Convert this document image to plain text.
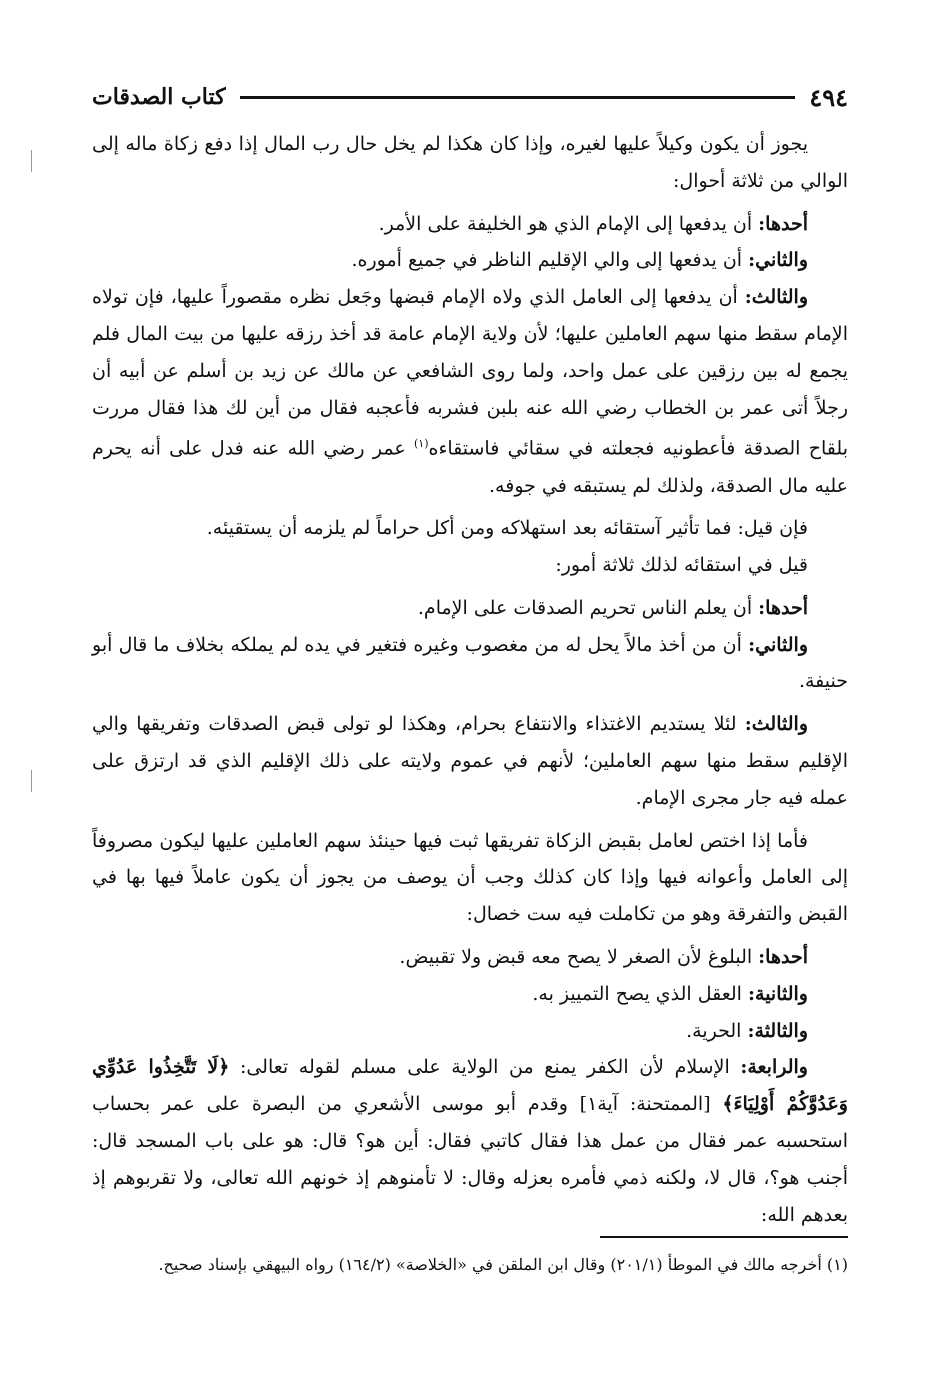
٤٩٤
كتاب الصدقات

يجوز أن يكون وكيلاً عليها لغيره، وإذا كان هكذا لم يخل حال رب المال إذا دفع زكاة ماله إلى الوالي من ثلاثة أحوال:

أحدها: أن يدفعها إلى الإمام الذي هو الخليفة على الأمر.

والثاني: أن يدفعها إلى والي الإقليم الناظر في جميع أموره.

والثالث: أن يدفعها إلى العامل الذي ولاه الإمام قبضها وجَعل نظره مقصوراً عليها، فإن تولاه الإمام سقط منها سهم العاملين عليها؛ لأن ولاية الإمام عامة قد أخذ رزقه عليها من بيت المال فلم يجمع له بين رزقين على عمل واحد، ولما روى الشافعي عن مالك عن زيد بن أسلم عن أبيه أن رجلاً أتى عمر بن الخطاب رضي الله عنه بلبن فشربه فأعجبه فقال من أين لك هذا فقال مررت بلقاح الصدقة فأعطونيه فجعلته في سقائي فاستقاءه$^{(١)}$ عمر رضي الله عنه فدل على أنه يحرم عليه مال الصدقة، ولذلك لم يستبقه في جوفه.

فإن قيل: فما تأثير آستقائه بعد استهلاكه ومن أكل حراماً لم يلزمه أن يستقيئه.

قيل في استقائه لذلك ثلاثة أمور:

أحدها: أن يعلم الناس تحريم الصدقات على الإمام.

والثاني: أن من أخذ مالاً يحل له من مغصوب وغيره فتغير في يده لم يملكه بخلاف ما قال أبو حنيفة.

والثالث: لئلا يستديم الاغتذاء والانتفاع بحرام، وهكذا لو تولى قبض الصدقات وتفريقها والي الإقليم سقط منها سهم العاملين؛ لأنهم في عموم ولايته على ذلك الإقليم الذي قد ارتزق على عمله فيه جار مجرى الإمام.

فأما إذا اختص لعامل بقبض الزكاة تفريقها ثبت فيها حينئذ سهم العاملين عليها ليكون مصروفاً إلى العامل وأعوانه فيها وإذا كان كذلك وجب أن يوصف من يجوز أن يكون عاملاً فيها بها في القبض والتفرقة وهو من تكاملت فيه ست خصال:

أحدها: البلوغ لأن الصغر لا يصح معه قبض ولا تقبيض.

والثانية: العقل الذي يصح التمييز به.

والثالثة: الحرية.

والرابعة: الإسلام لأن الكفر يمنع من الولاية على مسلم لقوله تعالى: ﴿لَا تَتَّخِذُوا عَدُوِّي وَعَدُوَّكُمْ أَوْلِيَاءَ﴾ [الممتحنة: آية١] وقدم أبو موسى الأشعري من البصرة على عمر بحساب استحسبه عمر فقال من عمل هذا فقال كاتبي فقال: أين هو؟ قال: هو على باب المسجد قال: أجنب هو؟، قال لا، ولكنه ذمي فأمره بعزله وقال: لا تأمنوهم إذ خونهم الله تعالى، ولا تقربوهم إذ بعدهم الله:

(١) أخرجه مالك في الموطأ (٢٠١/١) وقال ابن الملقن في «الخلاصة» (١٦٤/٢) رواه البيهقي بإسناد صحيح.
